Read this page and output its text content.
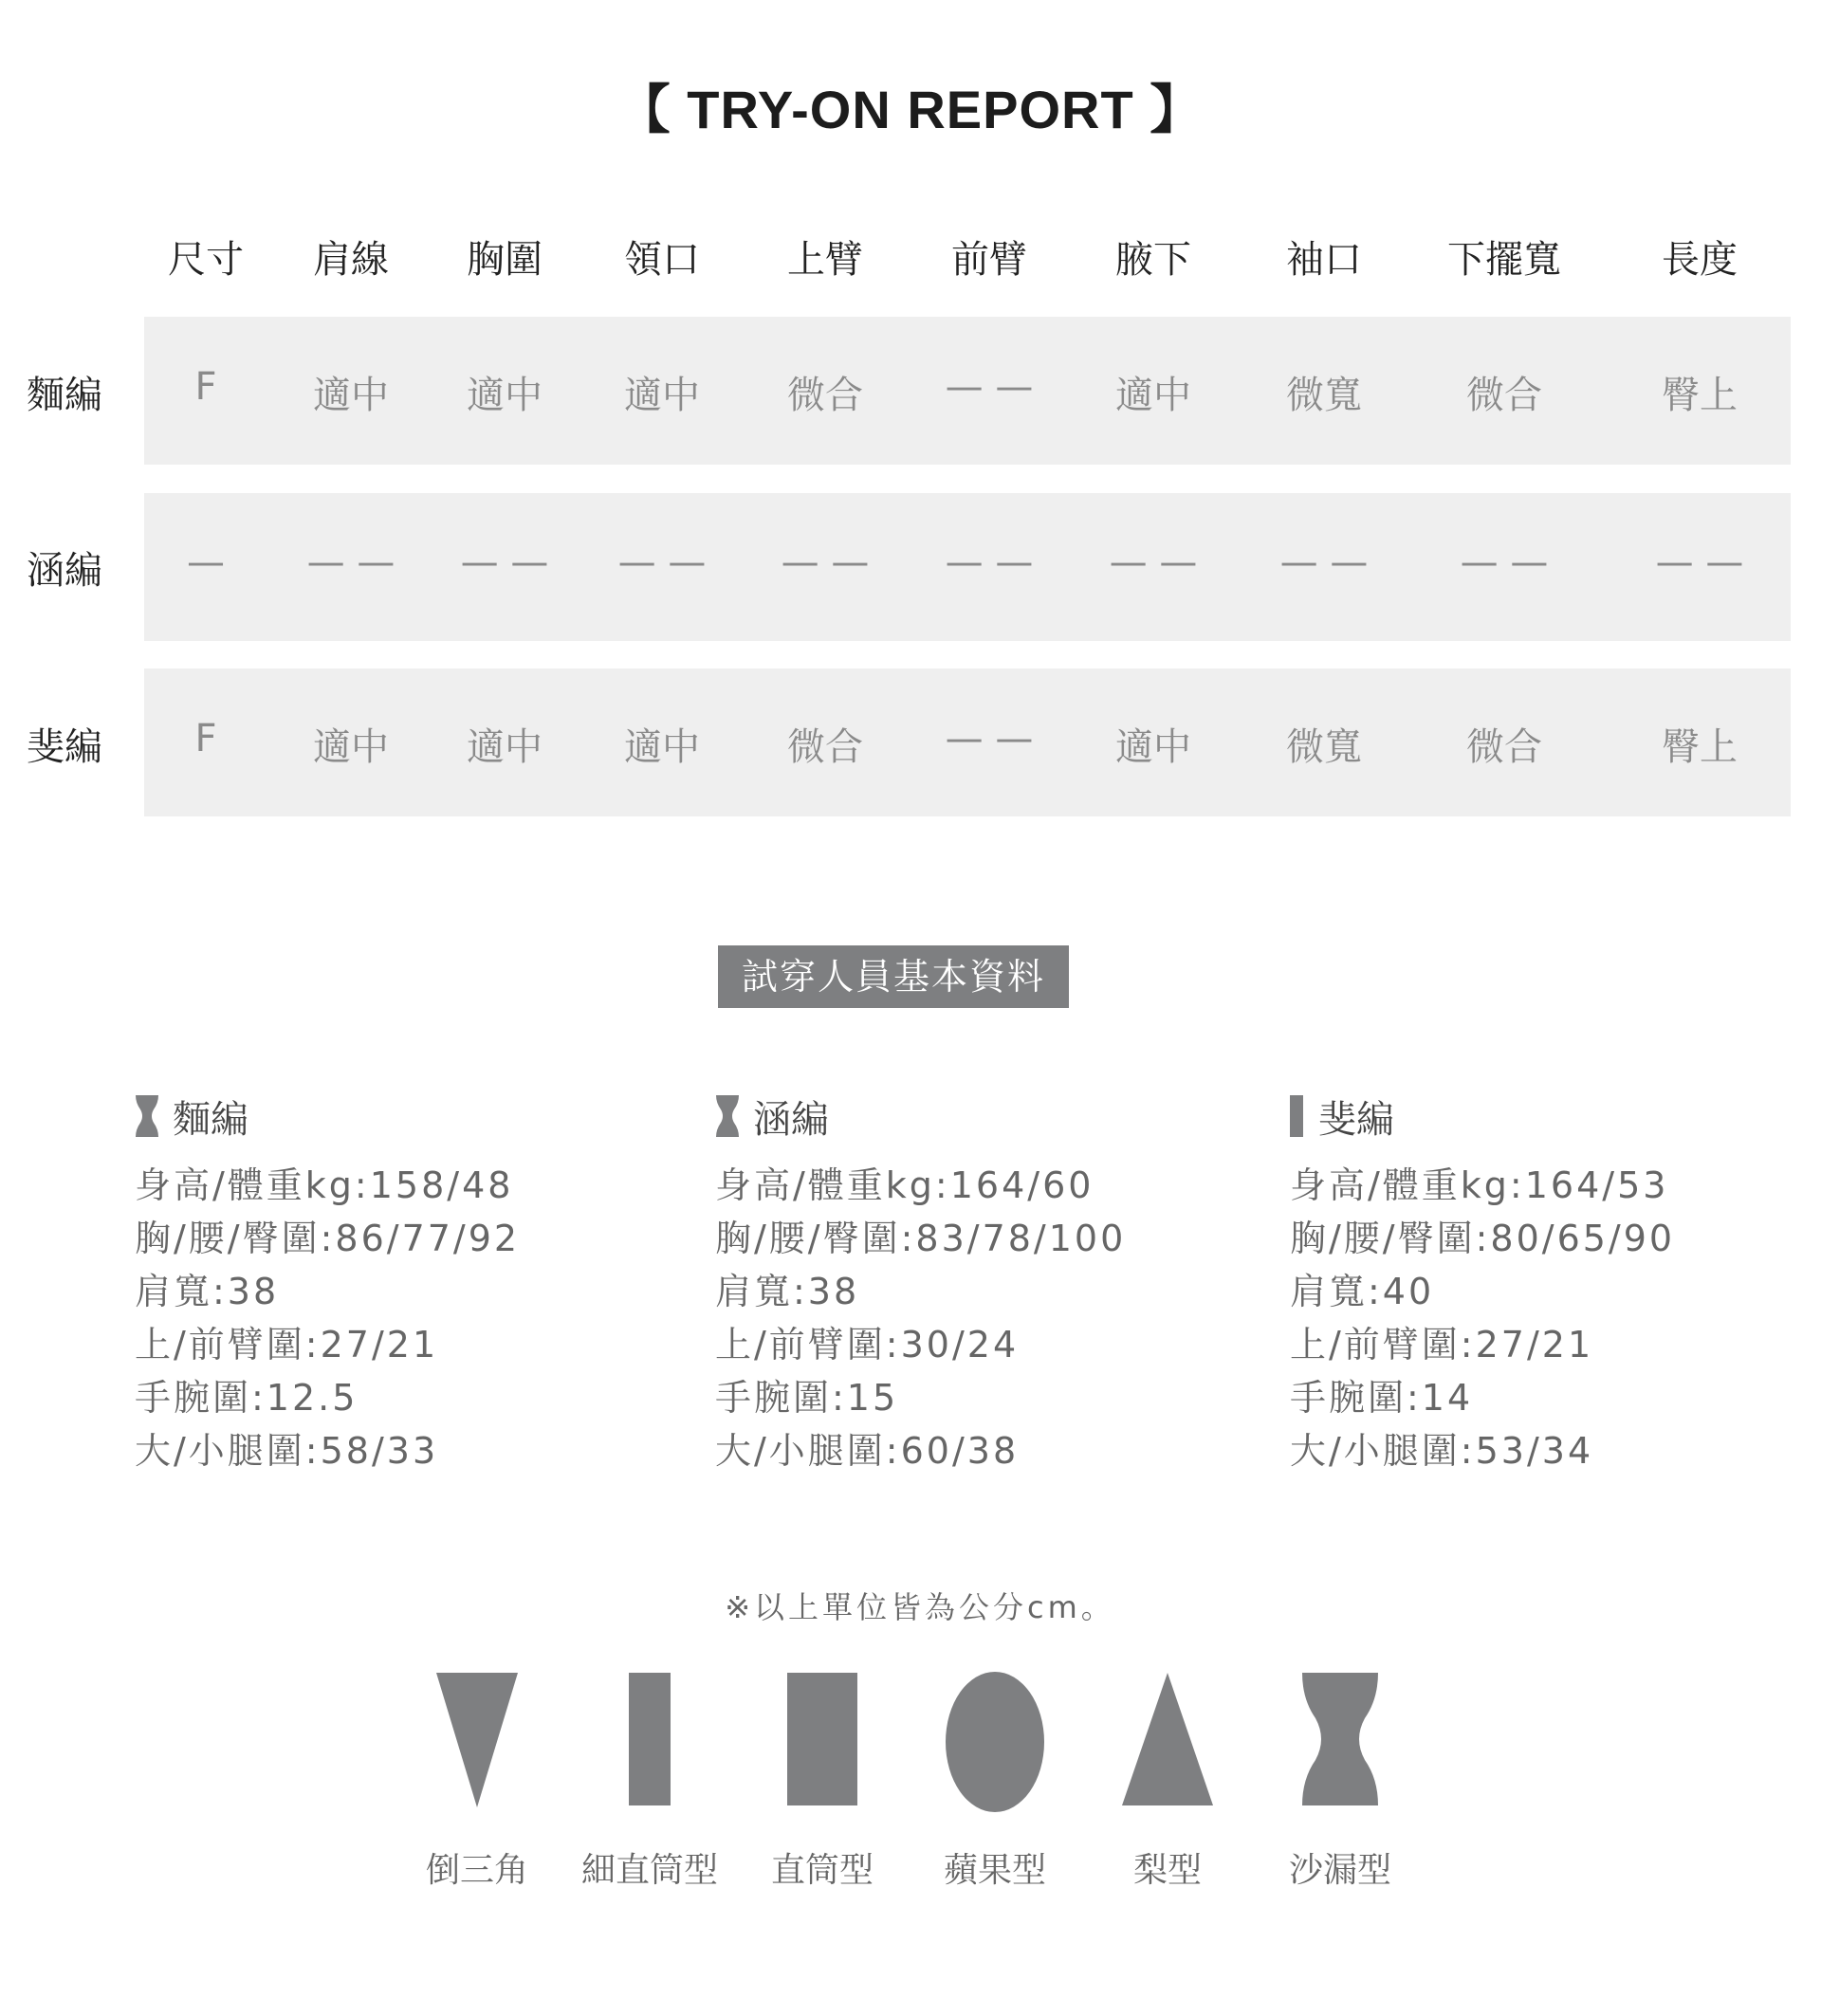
【 TRY-ON REPORT 】
尺寸	肩線	胸圍	領口	上臂	前臂	腋下	袖口	下擺寬	長度
麵編	F	適中	適中	適中	微合	— —	適中	微寬	微合	臀上
涵編	—	— —	— —	— —	— —	— —	— —	— —	— —	— —
斐編	F	適中	適中	適中	微合	— —	適中	微寬	微合	臀上
試穿人員基本資料
麵編
身高/體重kg:158/48
胸/腰/臀圍:86/77/92
肩寬:38
上/前臂圍:27/21
手腕圍:12.5
大/小腿圍:58/33
涵編
身高/體重kg:164/60
胸/腰/臀圍:83/78/100
肩寬:38
上/前臂圍:30/24
手腕圍:15
大/小腿圍:60/38
斐編
身高/體重kg:164/53
胸/腰/臀圍:80/65/90
肩寬:40
上/前臂圍:27/21
手腕圍:14
大/小腿圍:53/34
※以上單位皆為公分cm。
倒三角	細直筒型	直筒型	蘋果型	梨型	沙漏型
